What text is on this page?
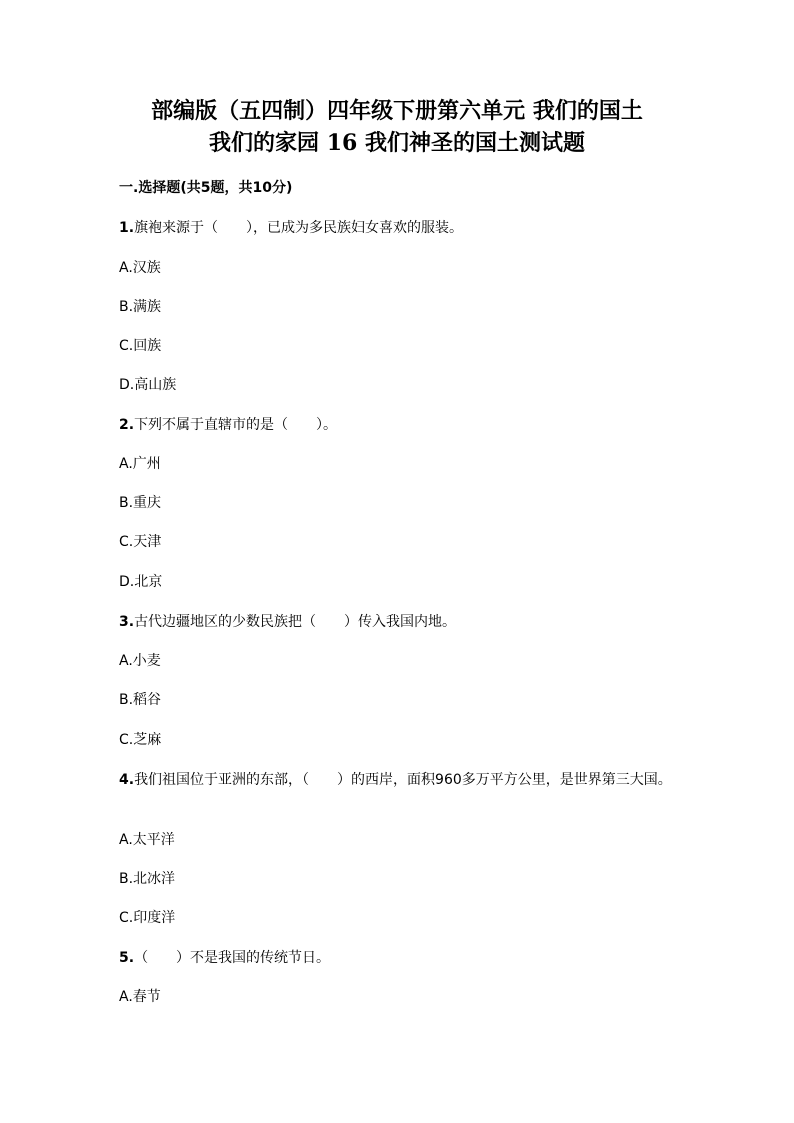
部编版（五四制）四年级下册第六单元 我们的国土
我们的家园 16 我们神圣的国土测试题
一.选择题(共5题，共10分)
1.旗袍来源于（　　），已成为多民族妇女喜欢的服装。
A.汉族
B.满族
C.回族
D.高山族
2.下列不属于直辖市的是（　　）。
A.广州
B.重庆
C.天津
D.北京
3.古代边疆地区的少数民族把（　　）传入我国内地。
A.小麦
B.稻谷
C.芝麻
4.我们祖国位于亚洲的东部，（　　）的西岸，面积960多万平方公里，是世界第三大国。
A.太平洋
B.北冰洋
C.印度洋
5.（　　）不是我国的传统节日。
A.春节
